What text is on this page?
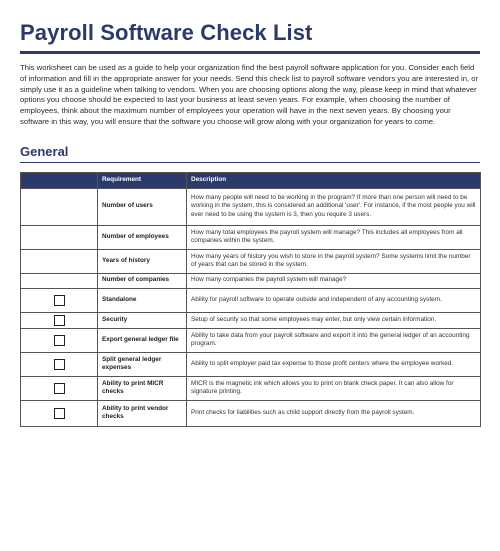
Payroll Software Check List

This worksheet can be used as a guide to help your organization find the best payroll software application for you. Consider each field of information and fill in the appropriate answer for your needs. Send this check list to payroll software vendors you are interested in, or simply use it as a guideline when talking to vendors. When you are choosing options along the way, please keep in mind that whatever options you choose should be expected to last your business at least seven years. For example, when choosing the number of employees, think about the maximum number of employees your operation will have in the next seven years. By choosing your software in this way, you will ensure that the software you choose will grow along with your organization for years to come.

General
	Requirement	Description
	Number of users	How many people will need to be working in the program? If more than one person will need to be working in the system, this is considered an additional 'user'. For instance, if the most people you will ever need to be using the system is 3, then you require 3 users.
	Number of employees	How many total employees the payroll system will manage? This includes all employees from all companies within the system.
	Years of history	How many years of history you wish to store in the payroll system? Some systems limit the number of years that can be stored in the system.
	Number of companies	How many companies the payroll system will manage?
	Standalone	Ability for payroll software to operate outside and independent of any accounting system.
	Security	Setup of security so that some employees may enter, but only view certain information.
	Export general ledger file	Ability to take data from your payroll software and export it into the general ledger of an accounting program.
	Split general ledger expenses	Ability to split employer paid tax expense to those profit centers where the employee worked.
	Ability to print MICR checks	MICR is the magnetic ink which allows you to print on blank check paper. It can also allow for signature printing.
	Ability to print vendor checks	Print checks for liabilities such as child support directly from the payroll system.
